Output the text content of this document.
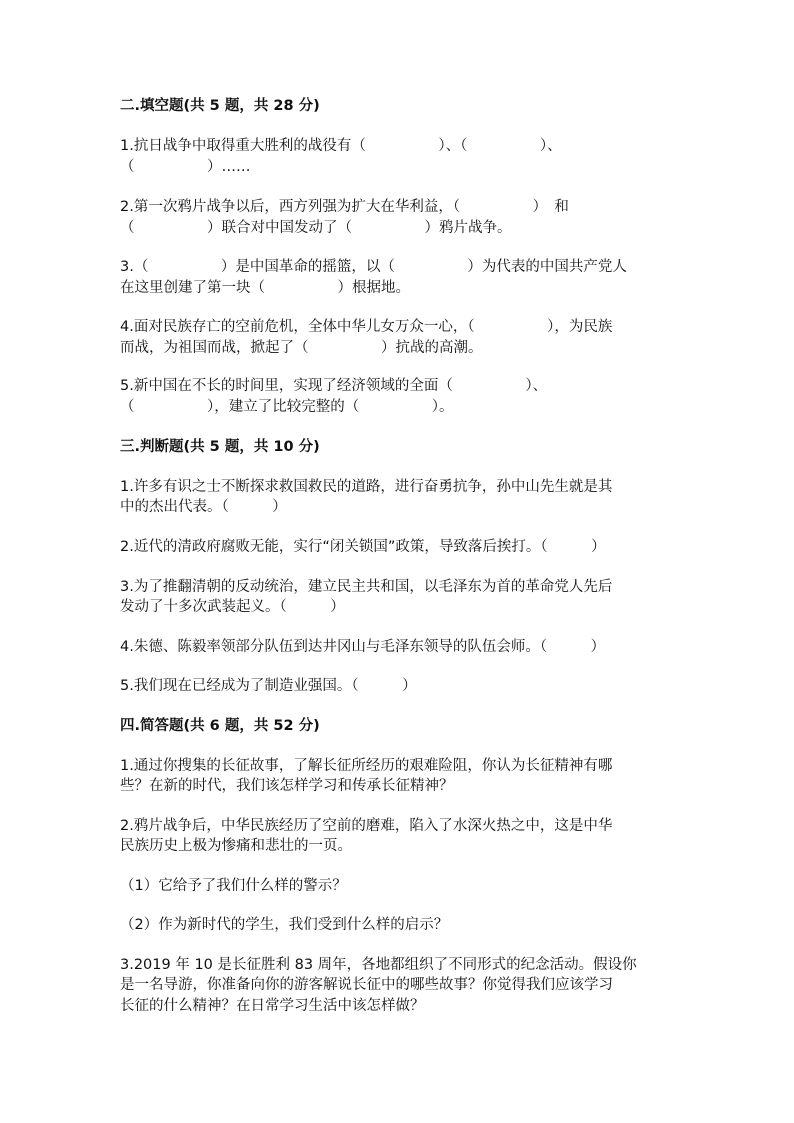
二.填空题(共 5 题，共 28 分)
1.抗日战争中取得重大胜利的战役有（　　　　　）、（　　　　　）、
（　　　　　）……
2.第一次鸦片战争以后，西方列强为扩大在华利益，（　　　　　）　和
（　　　　　）联合对中国发动了（　　　　　）鸦片战争。
3.（　　　　　）是中国革命的摇篮，以（　　　　　）为代表的中国共产党人
在这里创建了第一块（　　　　　）根据地。
4.面对民族存亡的空前危机，全体中华儿女万众一心，（　　　　　），为民族
而战，为祖国而战，掀起了（　　　　　）抗战的高潮。
5.新中国在不长的时间里，实现了经济领域的全面（　　　　　）、
（　　　　　），建立了比较完整的（　　　　　）。
三.判断题(共 5 题，共 10 分)
1.许多有识之士不断探求救国救民的道路，进行奋勇抗争，孙中山先生就是其
中的杰出代表。（　　　）
2.近代的清政府腐败无能，实行“闭关锁国”政策，导致落后挨打。（　　　）
3.为了推翻清朝的反动统治，建立民主共和国，以毛泽东为首的革命党人先后
发动了十多次武装起义。（　　　）
4.朱德、陈毅率领部分队伍到达井冈山与毛泽东领导的队伍会师。（　　　）
5.我们现在已经成为了制造业强国。（　　　）
四.简答题(共 6 题，共 52 分)
1.通过你搜集的长征故事，了解长征所经历的艰难险阻，你认为长征精神有哪
些？在新的时代，我们该怎样学习和传承长征精神？
2.鸦片战争后，中华民族经历了空前的磨难，陷入了水深火热之中，这是中华
民族历史上极为惨痛和悲壮的一页。
（1）它给予了我们什么样的警示？
（2）作为新时代的学生，我们受到什么样的启示？
3.2019 年 10 是长征胜利 83 周年，各地都组织了不同形式的纪念活动。假设你
是一名导游，你准备向你的游客解说长征中的哪些故事？你觉得我们应该学习
长征的什么精神？在日常学习生活中该怎样做？
